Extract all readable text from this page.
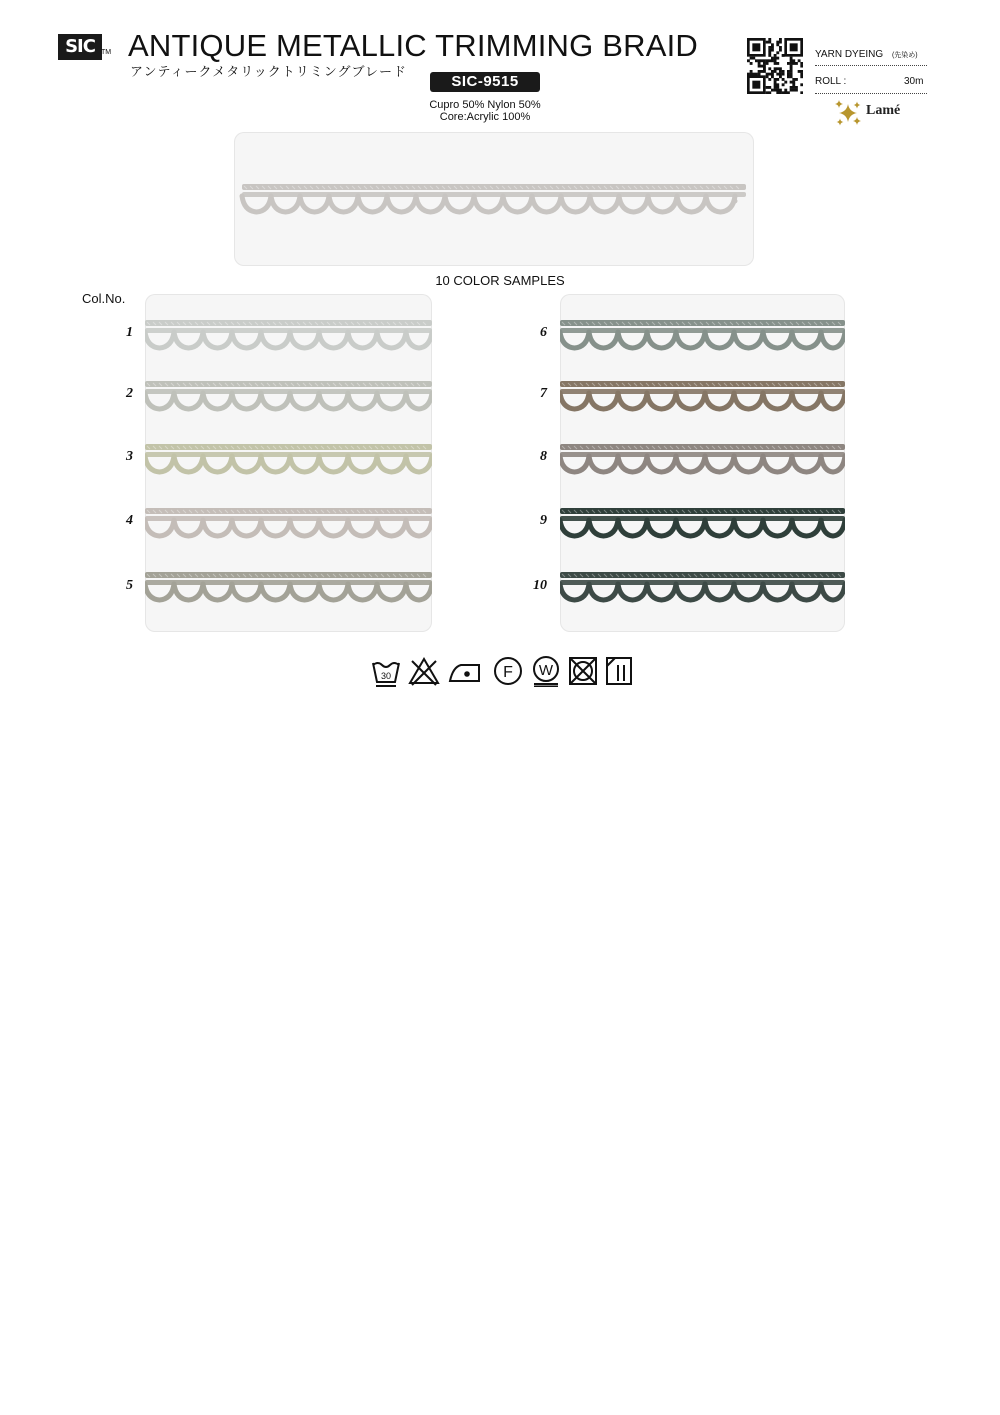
SIC TM ANTIQUE METALLIC TRIMMING BRAID
アンティークメタリックトリミングブレード
SIC-9515
Cupro 50% Nylon 50%
Core:Acrylic 100%
YARN DYEING (先染め)
ROLL :	30m
Lamé
10 COLOR SAMPLES
Col.No.
1
2
3
4
5
6
7
8
9
10
30	F W
